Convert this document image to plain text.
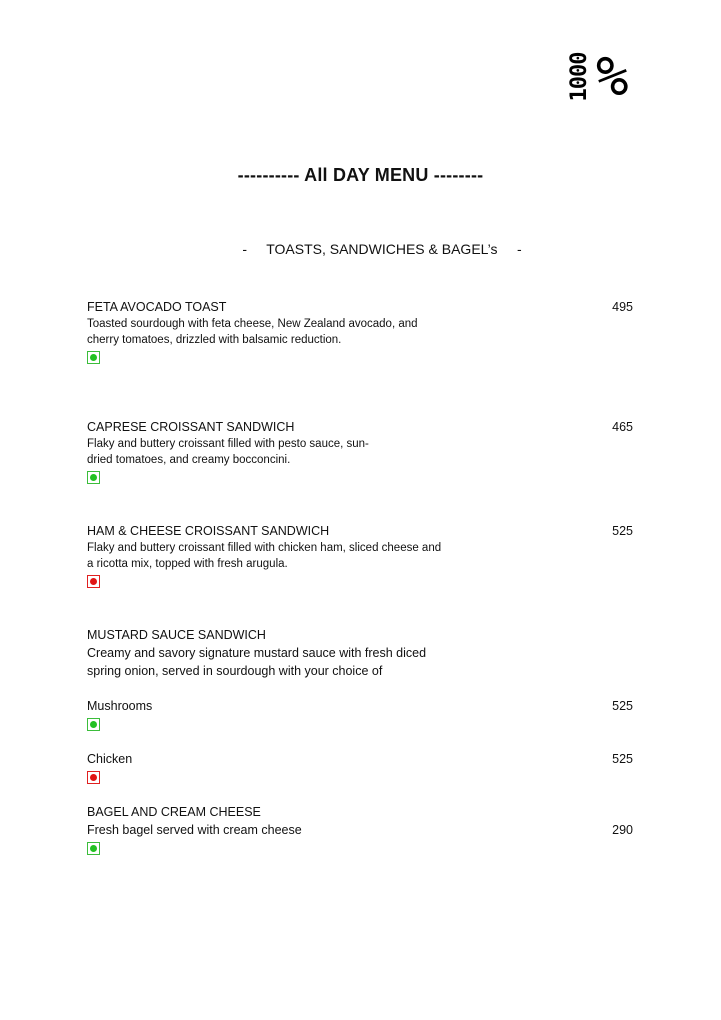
1000 %
---------- All DAY MENU --------
-     TOASTS, SANDWICHES & BAGEL’s     -
495
FETA AVOCADO TOAST
Toasted sourdough with feta cheese, New Zealand avocado, and cherry tomatoes, drizzled with balsamic reduction.
465
CAPRESE CROISSANT SANDWICH
Flaky and buttery croissant filled with pesto sauce, sun-dried tomatoes, and creamy bocconcini.
525
HAM & CHEESE CROISSANT SANDWICH
Flaky and buttery croissant filled with chicken ham, sliced cheese and a ricotta mix, topped with fresh arugula.
MUSTARD SAUCE SANDWICH
Creamy and savory signature mustard sauce with fresh diced spring onion, served in sourdough with your choice of
525
Mushrooms
525
Chicken
290
BAGEL AND CREAM CHEESE
Fresh bagel served with cream cheese
